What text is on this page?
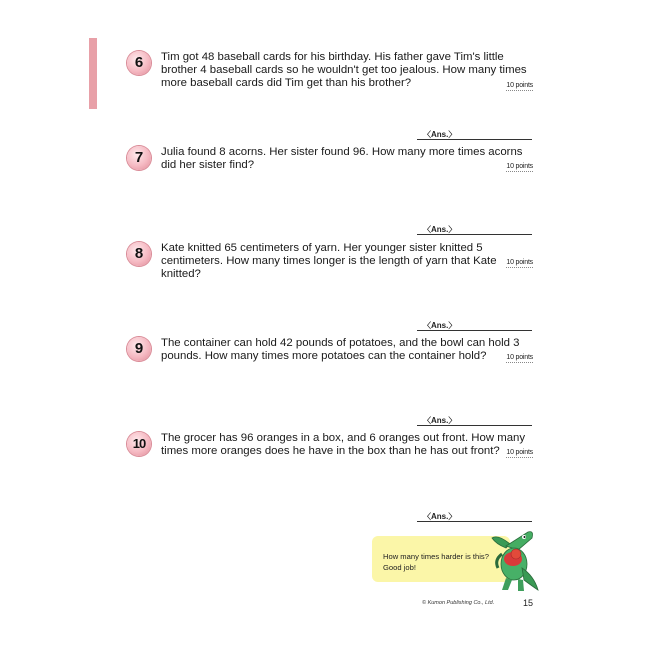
6	Tim got 48 baseball cards for his birthday. His father gave Tim's little brother 4 baseball cards so he wouldn't get too jealous. How many times more baseball cards did Tim get than his brother?	10 points
〈Ans.〉
7	Julia found 8 acorns. Her sister found 96. How many more times acorns did her sister find?	10 points
〈Ans.〉
8	Kate knitted 65 centimeters of yarn. Her younger sister knitted 5 centimeters. How many times longer is the length of yarn that Kate knitted?
10 points
〈Ans.〉
9	The container can hold 42 pounds of potatoes, and the bowl can hold 3 pounds. How many times more potatoes can the container hold?	10 points
〈Ans.〉
10	The grocer has 96 oranges in a box, and 6 oranges out front. How many times more oranges does he have in the box than he has out front? 10 points
〈Ans.〉
How many times harder is this?
Good job!
© Kumon Publishing Co., Ltd.	15
